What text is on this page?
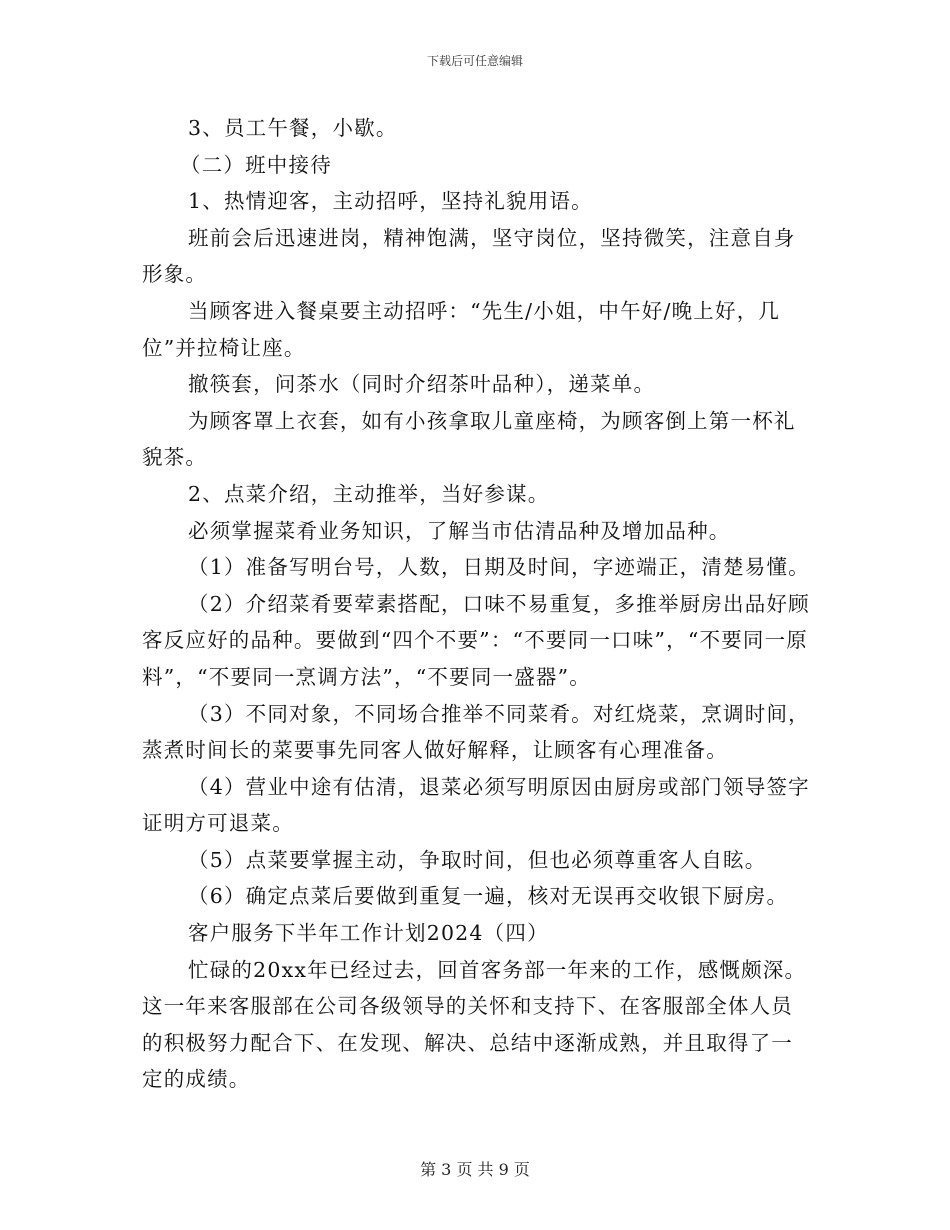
下载后可任意编辑

3、员工午餐，小歇。

（二）班中接待

1、热情迎客，主动招呼，坚持礼貌用语。

班前会后迅速进岗，精神饱满，坚守岗位，坚持微笑，注意自身形象。

当顾客进入餐桌要主动招呼：“先生/小姐，中午好/晚上好，几位”并拉椅让座。

撤筷套，问茶水（同时介绍茶叶品种），递菜单。

为顾客罩上衣套，如有小孩拿取儿童座椅，为顾客倒上第一杯礼貌茶。

2、点菜介绍，主动推举，当好参谋。

必须掌握菜肴业务知识，了解当市估清品种及增加品种。

（1）准备写明台号，人数，日期及时间，字迹端正，清楚易懂。

（2）介绍菜肴要荤素搭配，口味不易重复，多推举厨房出品好顾客反应好的品种。要做到“四个不要”：“不要同一口味”，“不要同一原料”，“不要同一烹调方法”，“不要同一盛器”。

（3）不同对象，不同场合推举不同菜肴。对红烧菜，烹调时间，蒸煮时间长的菜要事先同客人做好解释，让顾客有心理准备。

（4）营业中途有估清，退菜必须写明原因由厨房或部门领导签字证明方可退菜。

（5）点菜要掌握主动，争取时间，但也必须尊重客人自眩。

（6）确定点菜后要做到重复一遍，核对无误再交收银下厨房。

客户服务下半年工作计划2024（四）

忙碌的20xx年已经过去，回首客务部一年来的工作，感慨颇深。这一年来客服部在公司各级领导的关怀和支持下、在客服部全体人员的积极努力配合下、在发现、解决、总结中逐渐成熟，并且取得了一定的成绩。

第 3 页 共 9 页
